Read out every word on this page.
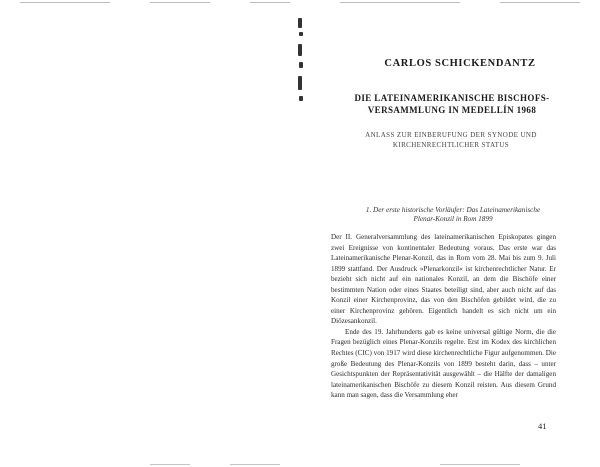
CARLOS SCHICKENDANTZ
DIE LATEINAMERIKANISCHE BISCHOFS-
VERSAMMLUNG IN MEDELLÍN 1968
ANLASS ZUR EINBERUFUNG DER SYNODE UND
KIRCHENRECHTLICHER STATUS
1. Der erste historische Vorläufer: Das Lateinamerikanische
Plenar-Konzil in Rom 1899

Der II. Generalversammlung des lateinamerikanischen Episkopates gingen zwei Ereignisse von kontinentaler Bedeutung voraus. Das erste war das Lateinamerikanische Plenar-Konzil, das in Rom vom 28. Mai bis zum 9. Juli 1899 stattfand. Der Ausdruck »Plenarkonzil« ist kirchenrechtlicher Natur. Er bezieht sich nicht auf ein nationales Konzil, an dem die Bischöfe einer bestimmten Nation oder eines Staates beteiligt sind, aber auch nicht auf das Konzil einer Kirchenprovinz, das von den Bischöfen gebildet wird, die zu einer Kirchenprovinz gehören. Eigentlich handelt es sich nicht um ein Diözesankonzil.

Ende des 19. Jahrhunderts gab es keine universal gültige Norm, die die Fragen bezüglich eines Plenar-Konzils regelte. Erst im Kodex des kirchlichen Rechtes (CIC) von 1917 wird diese kirchenrechtliche Figur aufgenommen. Die große Bedeutung des Plenar-Konzils von 1899 besteht darin, dass – unter Gesichtspunkten der Repräsentativität ausgewählt – die Hälfte der damaligen lateinamerikanischen Bischöfe zu diesem Konzil reisten. Aus diesem Grund kann man sagen, dass die Versammlung eher

41
